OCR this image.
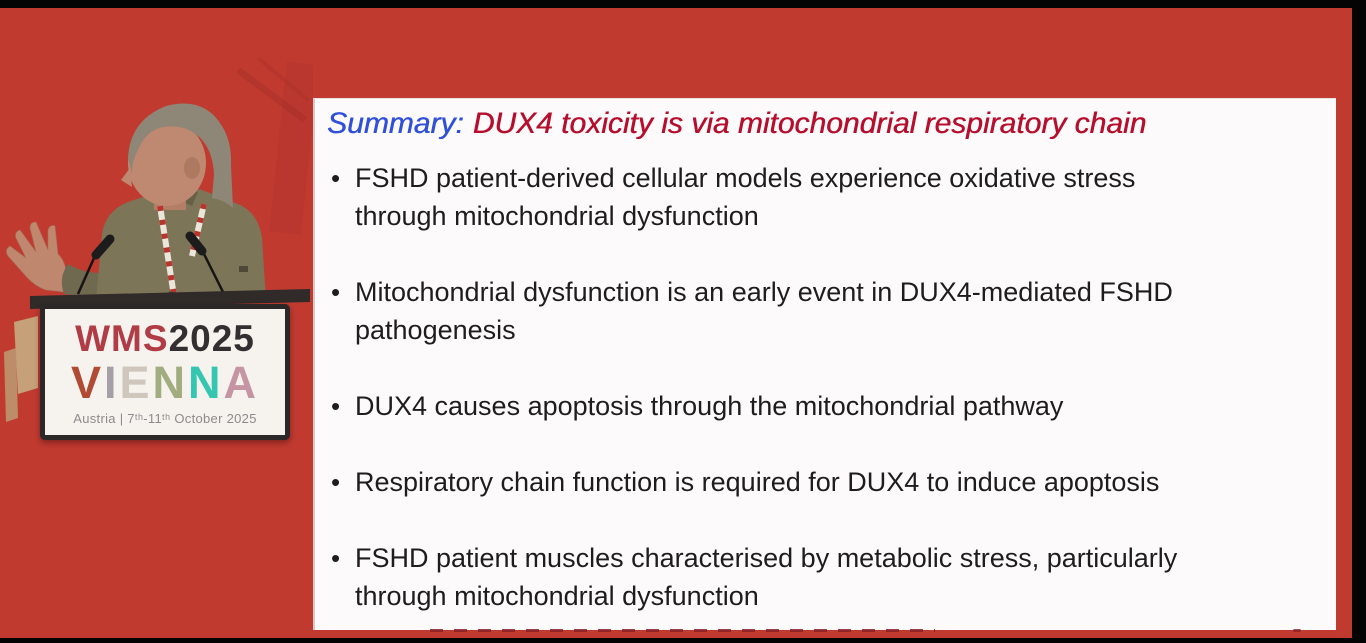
WMS2025
VIENNA
Austria | 7ᵗʰ-11ᵗʰ October 2025
Summary: DUX4 toxicity is via mitochondrial respiratory chain
• FSHD patient-derived cellular models experience oxidative stress
through mitochondrial dysfunction
• Mitochondrial dysfunction is an early event in DUX4-mediated FSHD
pathogenesis
• DUX4 causes apoptosis through the mitochondrial pathway
• Respiratory chain function is required for DUX4 to induce apoptosis
• FSHD patient muscles characterised by metabolic stress, particularly
through mitochondrial dysfunction
